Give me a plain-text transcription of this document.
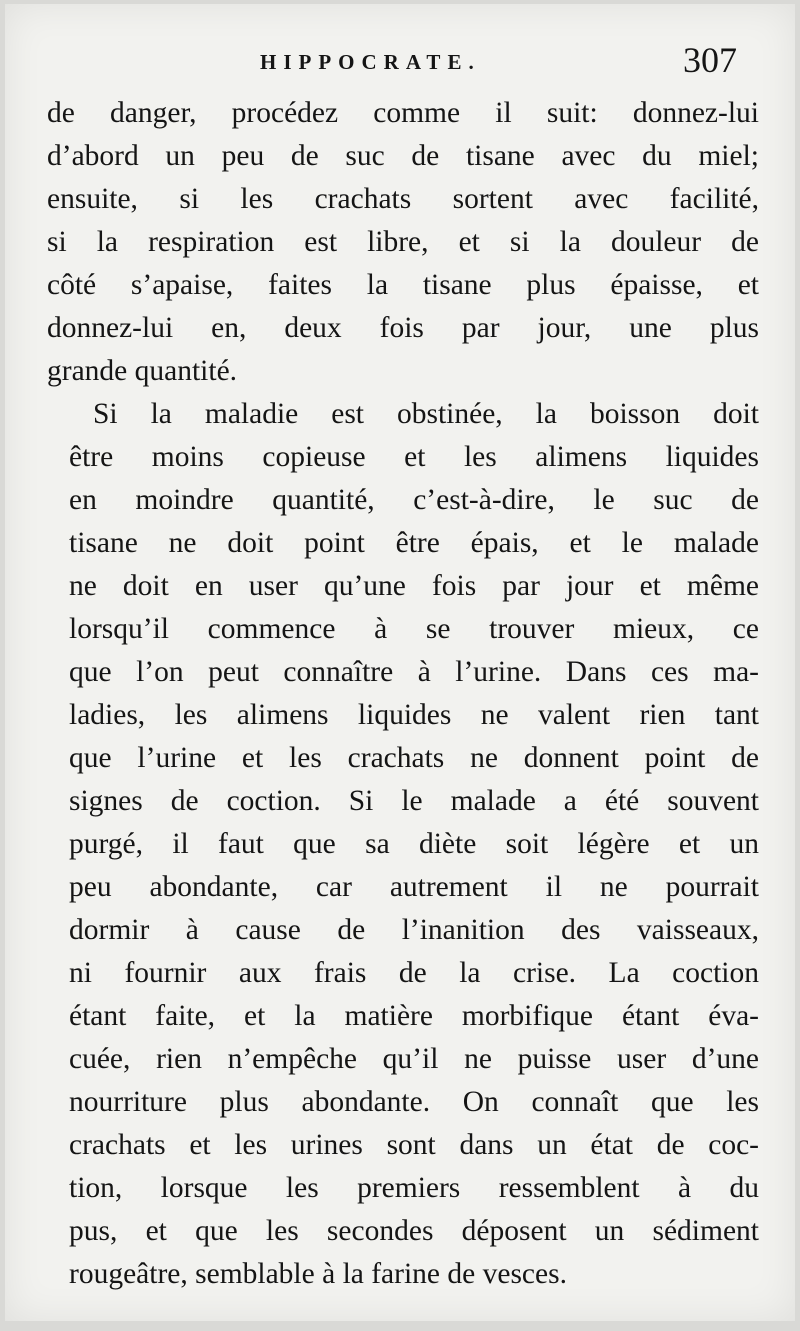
HIPPOCRATE.	307
de danger, procédez comme il suit: donnez-lui
d’abord un peu de suc de tisane avec du miel;
ensuite, si les crachats sortent avec facilité,
si la respiration est libre, et si la douleur de
côté s’apaise, faites la tisane plus épaisse, et
donnez-lui en, deux fois par jour, une plus
grande quantité.
Si la maladie est obstinée, la boisson doit
être moins copieuse et les alimens liquides
en moindre quantité, c’est-à-dire, le suc de
tisane ne doit point être épais, et le malade
ne doit en user qu’une fois par jour et même
lorsqu’il commence à se trouver mieux, ce
que l’on peut connaître à l’urine. Dans ces ma-
ladies, les alimens liquides ne valent rien tant
que l’urine et les crachats ne donnent point de
signes de coction. Si le malade a été souvent
purgé, il faut que sa diète soit légère et un
peu abondante, car autrement il ne pourrait
dormir à cause de l’inanition des vaisseaux,
ni fournir aux frais de la crise. La coction
étant faite, et la matière morbifique étant éva-
cuée, rien n’empêche qu’il ne puisse user d’une
nourriture plus abondante. On connaît que les
crachats et les urines sont dans un état de coc-
tion, lorsque les premiers ressemblent à du
pus, et que les secondes déposent un sédiment
rougeâtre, semblable à la farine de vesces.
